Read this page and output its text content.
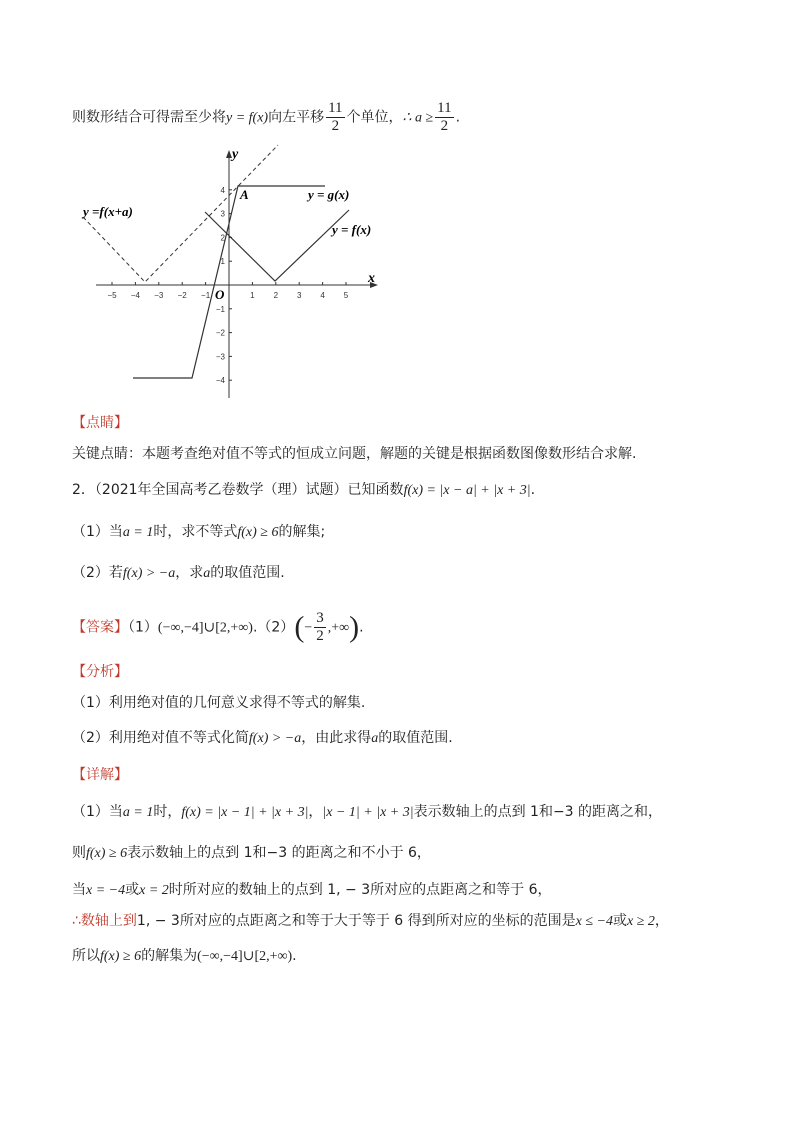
则数形结合可得需至少将y = f(x)向左平移 $\frac{11}{2}$ 个单位，∴ $a \ge \frac{11}{2}$ .
−5 −4 −3 −2 −1	1 2 3 4 5
4
3
2
1
−1
−2
−3
−4
y
x
O
A
y =f(x+a)
y = g(x)
y = f(x)
【点睛】
关键点睛：本题考查绝对值不等式的恒成立问题，解题的关键是根据函数图像数形结合求解.
2．（2021年全国高考乙卷数学（理）试题）已知函数f(x) = |x − a| + |x + 3|.
（1）当a = 1时，求不等式f(x) ≥ 6的解集;
（2）若f(x) > −a，求a的取值范围.
【答案】（1）(−∞,−4]∪[2,+∞).（2）(− $\frac{3}{2}$ ,+∞).
【分析】
（1）利用绝对值的几何意义求得不等式的解集.
（2）利用绝对值不等式化简f(x) > −a，由此求得a的取值范围.
【详解】
（1）当a = 1时，f(x) = |x − 1| + |x + 3|，|x − 1| + |x + 3|表示数轴上的点到 1和−3 的距离之和，
则f(x) ≥ 6表示数轴上的点到 1和−3 的距离之和不小于 6，
当x = −4或x = 2时所对应的数轴上的点到 1, − 3所对应的点距离之和等于 6，
∴数轴上到1, − 3所对应的点距离之和等于大于等于 6 得到所对应的坐标的范围是x ≤ −4或x ≥ 2，
所以f(x) ≥ 6的解集为(−∞,−4]∪[2,+∞).
